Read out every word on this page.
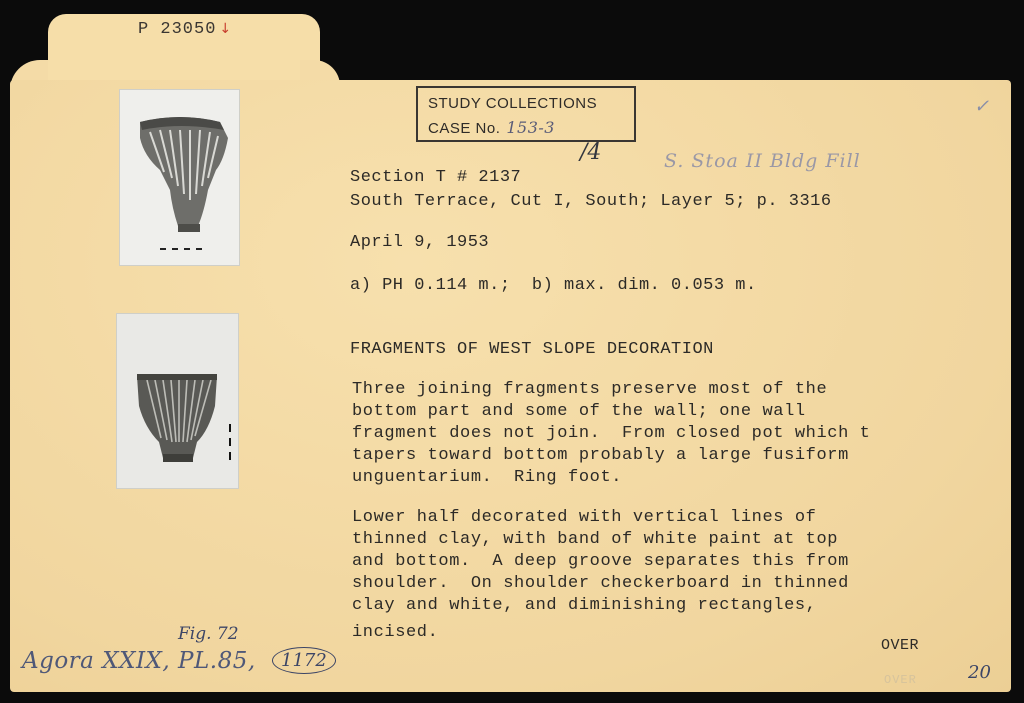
P 23050 ↓
STUDY COLLECTIONS
CASE No. 153-3
/4	S. Stoa II Bldg Fill
✓
Fig. 72
Agora XXIX, PL.85,	1172
20
Section T # 2137
South Terrace, Cut I, South; Layer 5; p. 3316
April 9, 1953
a) PH 0.114 m.;  b) max. dim. 0.053 m.
FRAGMENTS OF WEST SLOPE DECORATION
Three joining fragments preserve most of the
bottom part and some of the wall; one wall
fragment does not join.  From closed pot which t
tapers toward bottom probably a large fusiform
unguentarium.  Ring foot.
Lower half decorated with vertical lines of
thinned clay, with band of white paint at top
and bottom.  A deep groove separates this from
shoulder.  On shoulder checkerboard in thinned
clay and white, and diminishing rectangles,
incised.
OVER
OVER
